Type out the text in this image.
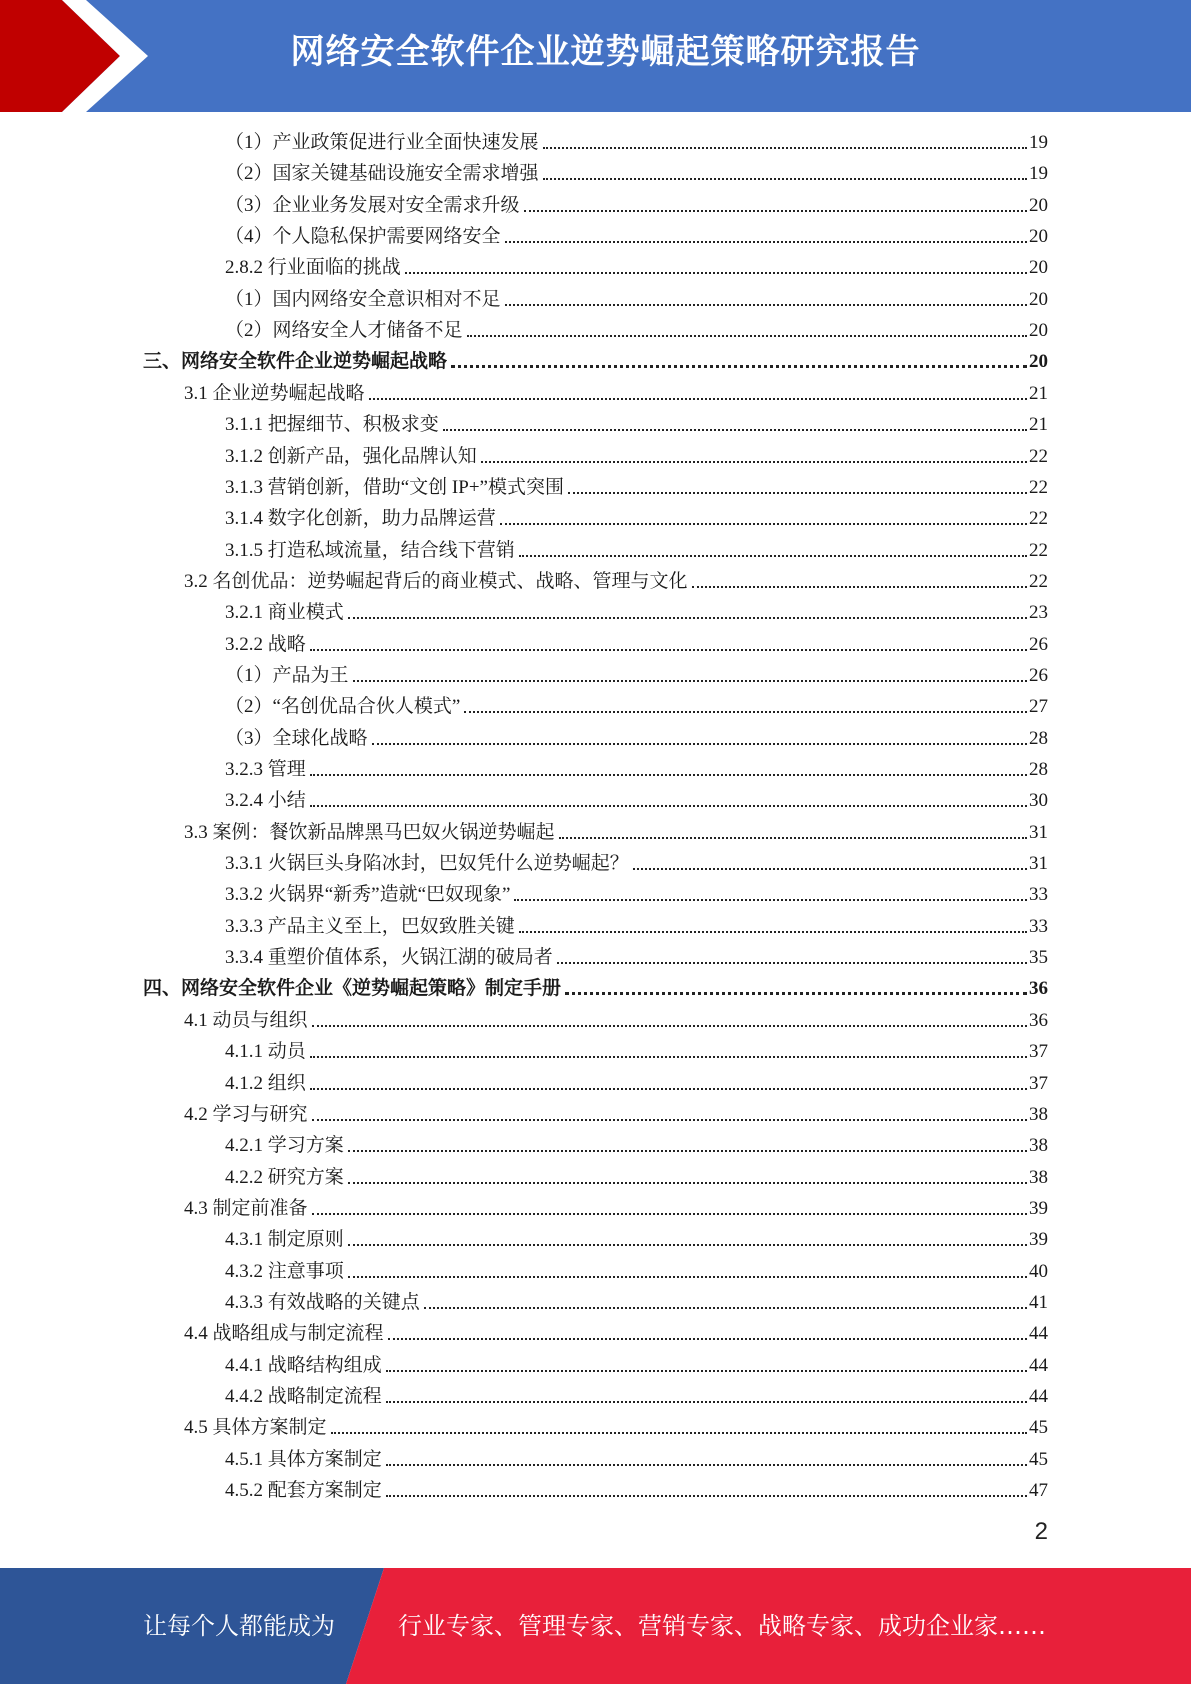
网络安全软件企业逆势崛起策略研究报告
（1）产业政策促进行业全面快速发展	19
（2）国家关键基础设施安全需求增强	19
（3）企业业务发展对安全需求升级	20
（4）个人隐私保护需要网络安全	20
2.8.2 行业面临的挑战	20
（1）国内网络安全意识相对不足	20
（2）网络安全人才储备不足	20
三、网络安全软件企业逆势崛起战略	20
3.1 企业逆势崛起战略	21
3.1.1 把握细节、积极求变	21
3.1.2 创新产品，强化品牌认知	22
3.1.3 营销创新，借助“文创 IP+”模式突围	22
3.1.4 数字化创新，助力品牌运营	22
3.1.5 打造私域流量，结合线下营销	22
3.2 名创优品：逆势崛起背后的商业模式、战略、管理与文化	22
3.2.1 商业模式	23
3.2.2 战略	26
（1）产品为王	26
（2）“名创优品合伙人模式”	27
（3）全球化战略	28
3.2.3 管理	28
3.2.4 小结	30
3.3 案例：餐饮新品牌黑马巴奴火锅逆势崛起	31
3.3.1 火锅巨头身陷冰封，巴奴凭什么逆势崛起？	31
3.3.2 火锅界“新秀”造就“巴奴现象”	33
3.3.3 产品主义至上，巴奴致胜关键	33
3.3.4 重塑价值体系，火锅江湖的破局者	35
四、网络安全软件企业《逆势崛起策略》制定手册	36
4.1 动员与组织	36
4.1.1 动员	37
4.1.2 组织	37
4.2 学习与研究	38
4.2.1 学习方案	38
4.2.2 研究方案	38
4.3 制定前准备	39
4.3.1 制定原则	39
4.3.2 注意事项	40
4.3.3 有效战略的关键点	41
4.4 战略组成与制定流程	44
4.4.1 战略结构组成	44
4.4.2 战略制定流程	44
4.5 具体方案制定	45
4.5.1 具体方案制定	45
4.5.2 配套方案制定	47
2
让每个人都能成为	行业专家、管理专家、营销专家、战略专家、成功企业家……
